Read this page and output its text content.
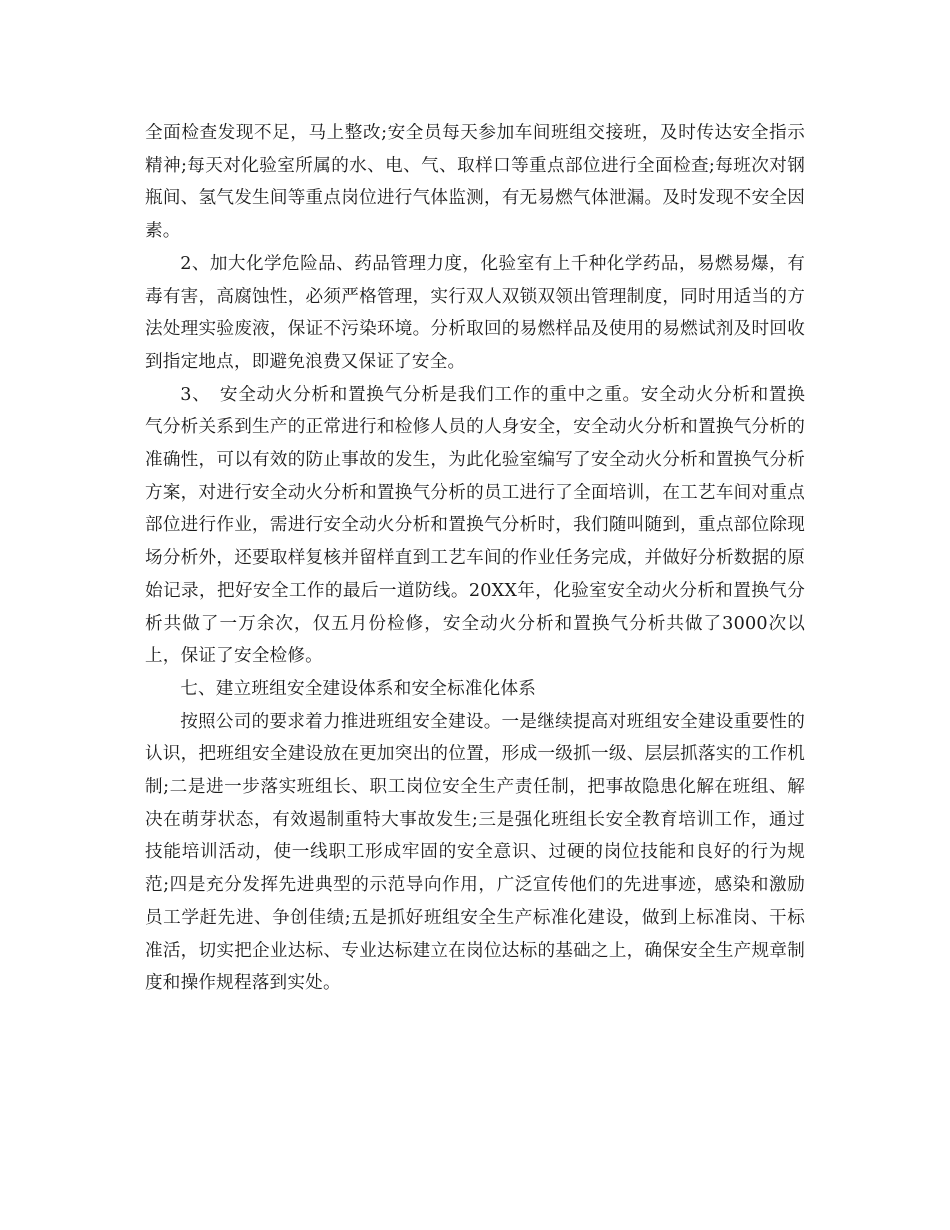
全面检查发现不足，马上整改;安全员每天参加车间班组交接班，及时传达安全指示精神;每天对化验室所属的水、电、气、取样口等重点部位进行全面检查;每班次对钢瓶间、氢气发生间等重点岗位进行气体监测，有无易燃气体泄漏。及时发现不安全因素。

2、加大化学危险品、药品管理力度，化验室有上千种化学药品，易燃易爆，有毒有害，高腐蚀性，必须严格管理，实行双人双锁双领出管理制度，同时用适当的方法处理实验废液，保证不污染环境。分析取回的易燃样品及使用的易燃试剂及时回收到指定地点，即避免浪费又保证了安全。

3、　安全动火分析和置换气分析是我们工作的重中之重。安全动火分析和置换气分析关系到生产的正常进行和检修人员的人身安全，安全动火分析和置换气分析的准确性，可以有效的防止事故的发生，为此化验室编写了安全动火分析和置换气分析方案，对进行安全动火分析和置换气分析的员工进行了全面培训，在工艺车间对重点部位进行作业，需进行安全动火分析和置换气分析时，我们随叫随到，重点部位除现场分析外，还要取样复核并留样直到工艺车间的作业任务完成，并做好分析数据的原始记录，把好安全工作的最后一道防线。20XX年，化验室安全动火分析和置换气分析共做了一万余次，仅五月份检修，安全动火分析和置换气分析共做了3000次以上，保证了安全检修。

七、建立班组安全建设体系和安全标准化体系

按照公司的要求着力推进班组安全建设。一是继续提高对班组安全建设重要性的认识，把班组安全建设放在更加突出的位置，形成一级抓一级、层层抓落实的工作机制;二是进一步落实班组长、职工岗位安全生产责任制，把事故隐患化解在班组、解决在萌芽状态，有效遏制重特大事故发生;三是强化班组长安全教育培训工作，通过技能培训活动，使一线职工形成牢固的安全意识、过硬的岗位技能和良好的行为规范;四是充分发挥先进典型的示范导向作用，广泛宣传他们的先进事迹，感染和激励员工学赶先进、争创佳绩;五是抓好班组安全生产标准化建设，做到上标准岗、干标准活，切实把企业达标、专业达标建立在岗位达标的基础之上，确保安全生产规章制度和操作规程落到实处。
